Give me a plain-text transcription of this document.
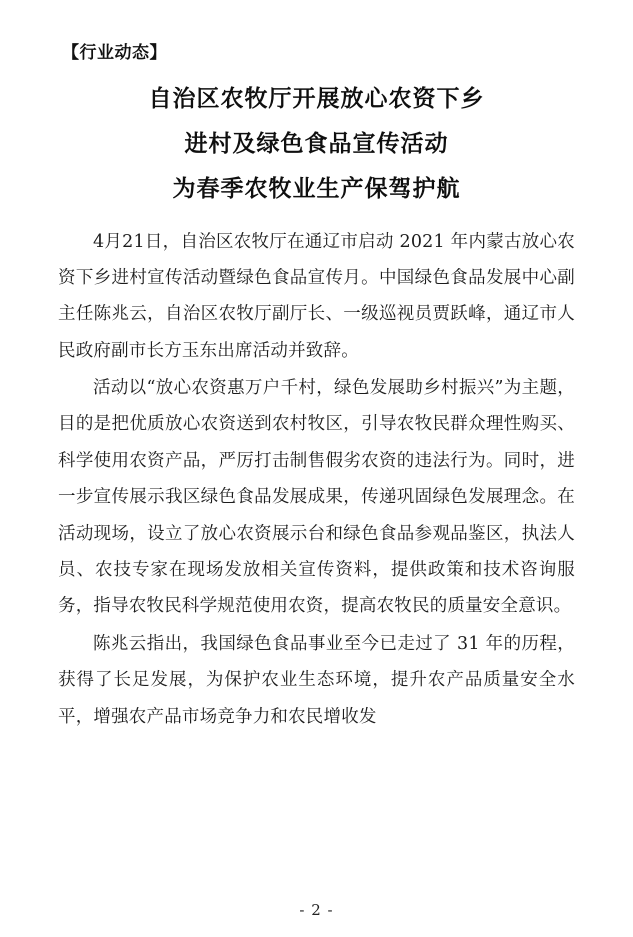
【行业动态】
自治区农牧厅开展放心农资下乡
进村及绿色食品宣传活动
为春季农牧业生产保驾护航

4月21日，自治区农牧厅在通辽市启动 2021 年内蒙古放心农资下乡进村宣传活动暨绿色食品宣传月。中国绿色食品发展中心副主任陈兆云，自治区农牧厅副厅长、一级巡视员贾跃峰，通辽市人民政府副市长方玉东出席活动并致辞。

活动以“放心农资惠万户千村，绿色发展助乡村振兴”为主题，目的是把优质放心农资送到农村牧区，引导农牧民群众理性购买、科学使用农资产品，严厉打击制售假劣农资的违法行为。同时，进一步宣传展示我区绿色食品发展成果，传递巩固绿色发展理念。在活动现场，设立了放心农资展示台和绿色食品参观品鉴区，执法人员、农技专家在现场发放相关宣传资料，提供政策和技术咨询服务，指导农牧民科学规范使用农资，提高农牧民的质量安全意识。

陈兆云指出，我国绿色食品事业至今已走过了 31 年的历程，获得了长足发展，为保护农业生态环境，提升农产品质量安全水平，增强农产品市场竞争力和农民增收发

- 2 -
